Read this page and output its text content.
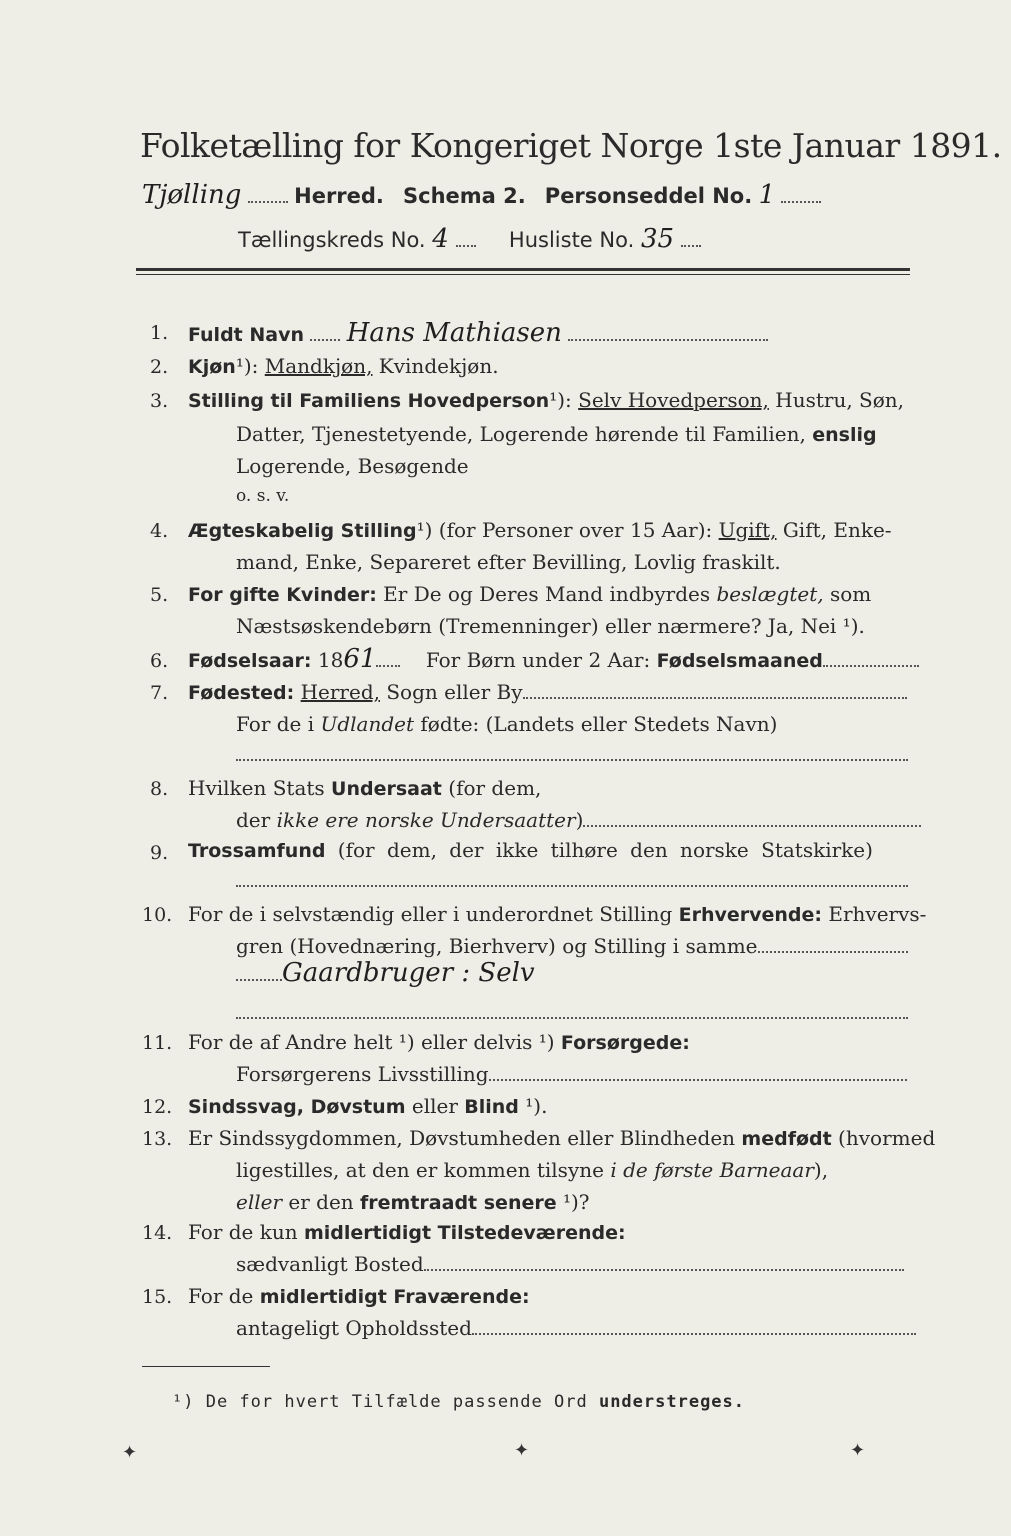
Folketælling for Kongeriget Norge 1ste Januar 1891.
Tjølling	Herred. Schema 2. Personseddel No. 1
Tællingskreds No. 4	Husliste No. 35
1. Fuldt Navn Hans Mathiasen
2. Kjøn¹): Mandkjøn, Kvindekjøn.
3. Stilling til Familiens Hovedperson¹): Selv Hovedperson, Hustru, Søn,
Datter, Tjenestetyende, Logerende hørende til Familien, enslig
Logerende, Besøgende
o. s. v.
4. Ægteskabelig Stilling¹) (for Personer over 15 Aar): Ugift, Gift, Enke-
mand, Enke, Separeret efter Bevilling, Lovlig fraskilt.
5. For gifte Kvinder: Er De og Deres Mand indbyrdes beslægtet, som
Næstsøskendebørn (Tremenninger) eller nærmere? Ja, Nei ¹).
6. Fødselsaar: 1861 For Børn under 2 Aar: Fødselsmaaned
7. Fødested: Herred, Sogn eller By
For de i Udlandet fødte: (Landets eller Stedets Navn)
8. Hvilken Stats Undersaat (for dem,
der ikke ere norske Undersaatter)
9. Trossamfund (for dem, der ikke tilhøre den norske Statskirke)
10. For de i selvstændig eller i underordnet Stilling Erhvervende: Erhvervs-
gren (Hovednæring, Bierhverv) og Stilling i samme
Gaardbruger : Selv
11. For de af Andre helt ¹) eller delvis ¹) Forsørgede:
Forsørgerens Livsstilling
12. Sindssvag, Døvstum eller Blind ¹).
13. Er Sindssygdommen, Døvstumheden eller Blindheden medfødt (hvormed
ligestilles, at den er kommen tilsyne i de første Barneaar),
eller er den fremtraadt senere ¹)?
14. For de kun midlertidigt Tilstedeværende:
sædvanligt Bosted
15. For de midlertidigt Fraværende:
antageligt Opholdssted
¹) De for hvert Tilfælde passende Ord understreges.
✦	✦	✦
